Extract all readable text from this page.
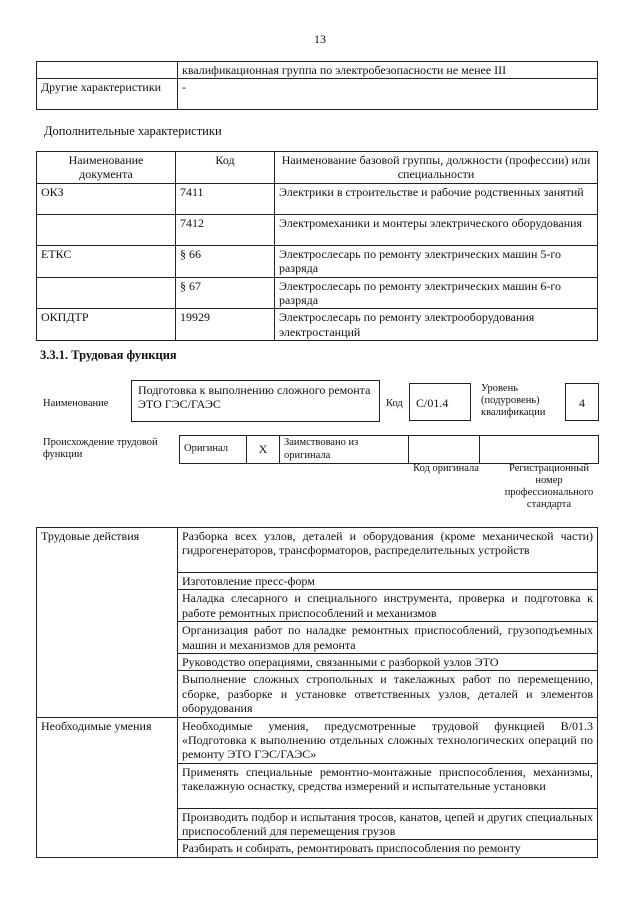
13
	квалификационная группа по электробезопасности не менее III
Другие характеристики	-
Дополнительные характеристики
Наименование документа	Код	Наименование базовой группы, должности (профессии) или специальности
ОКЗ	7411	Электрики в строительстве и рабочие родственных занятий
	7412	Электромеханики и монтеры электрического оборудования
ЕТКС	§ 66	Электрослесарь по ремонту электрических машин 5-го разряда
	§ 67	Электрослесарь по ремонту электрических машин 6-го разряда
ОКПДТР	19929	Электрослесарь по ремонту электрооборудования электростанций
3.3.1. Трудовая функция
Наименование
Подготовка к выполнению сложного ремонта ЭТО ГЭС/ГАЭС	Код	C/01.4
Уровень (подуровень) квалификации
4
Происхождение трудовой функции
Оригинал	X	Заимствовано из оригинала		
Код оригинала	Регистрационный номер профессионального стандарта
Трудовые действия	Разборка всех узлов, деталей и оборудования (кроме механической части) гидрогенераторов, трансформаторов, распределительных устройств
	Изготовление пресс-форм
	Наладка слесарного и специального инструмента, проверка и подготовка к работе ремонтных приспособлений и механизмов
	Организация работ по наладке ремонтных приспособлений, грузоподъемных машин и механизмов для ремонта
	Руководство операциями, связанными с разборкой узлов ЭТО
	Выполнение сложных стропольных и такелажных работ по перемещению, сборке, разборке и установке ответственных узлов, деталей и элементов оборудования
Необходимые умения	Необходимые умения, предусмотренные трудовой функцией B/01.3 «Подготовка к выполнению отдельных сложных технологических операций по ремонту ЭТО ГЭС/ГАЭС»
	Применять специальные ремонтно-монтажные приспособления, механизмы, такелажную оснастку, средства измерений и испытательные установки
	Производить подбор и испытания тросов, канатов, цепей и других специальных приспособлений для перемещения грузов
	Разбирать и собирать, ремонтировать приспособления по ремонту
